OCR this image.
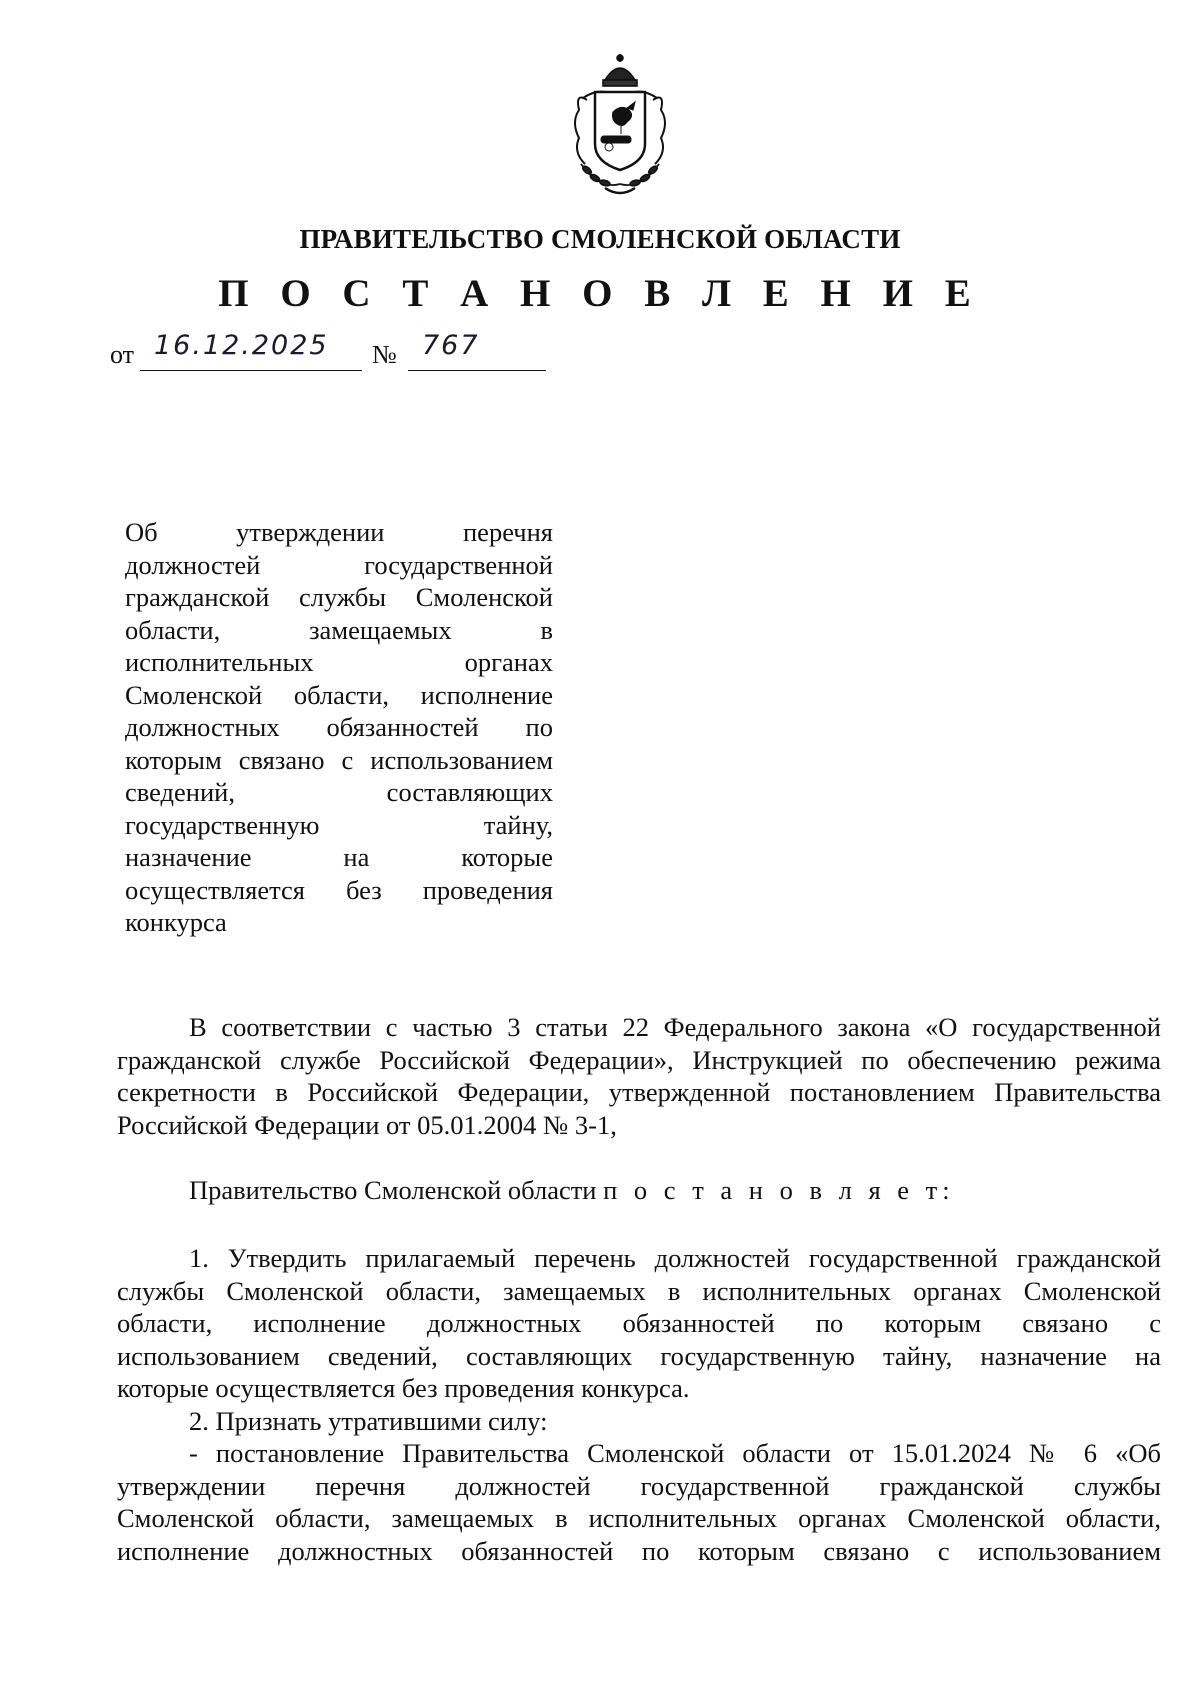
ПРАВИТЕЛЬСТВО СМОЛЕНСКОЙ ОБЛАСТИ
П О С Т А Н О В Л Е Н И Е
от 16.12.2025 № 767
Об утверждении перечня
должностей государственной
гражданской службы Смоленской
области, замещаемых в
исполнительных органах
Смоленской области, исполнение
должностных обязанностей по
которым связано с использованием
сведений, составляющих
государственную тайну,
назначение на которые
осуществляется без проведения
конкурса
В соответствии с частью 3 статьи 22 Федерального закона «О государственной
гражданской службе Российской Федерации», Инструкцией по обеспечению режима
секретности в Российской Федерации, утвержденной постановлением Правительства
Российской Федерации от 05.01.2004 № 3-1,
Правительство Смоленской области п о с т а н о в л я е т:
1. Утвердить прилагаемый перечень должностей государственной гражданской
службы Смоленской области, замещаемых в исполнительных органах Смоленской
области, исполнение должностных обязанностей по которым связано с
использованием сведений, составляющих государственную тайну, назначение на
которые осуществляется без проведения конкурса.
2. Признать утратившими силу:
- постановление Правительства Смоленской области от 15.01.2024 № 6 «Об
утверждении перечня должностей государственной гражданской службы
Смоленской области, замещаемых в исполнительных органах Смоленской области,
исполнение должностных обязанностей по которым связано с использованием
